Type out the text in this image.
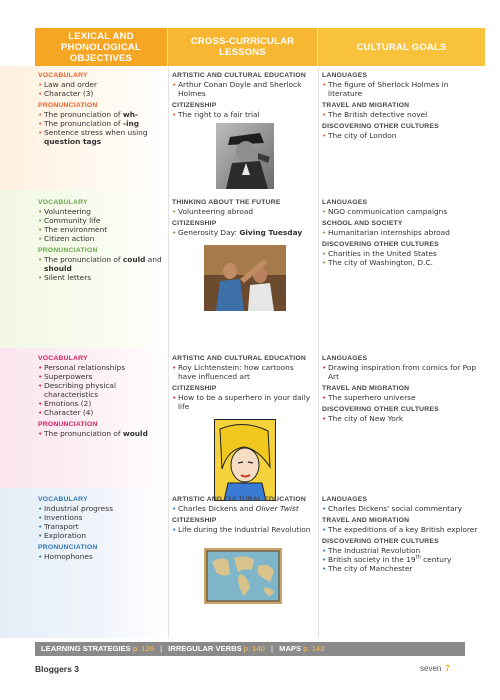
LEXICAL AND PHONOLOGICAL OBJECTIVES
CROSS-CURRICULAR LESSONS	CULTURAL GOALS
VOCABULARY
• Law and order
• Character (3)
PRONUNCIATION
• The pronunciation of wh-
• The pronunciation of -ing
• Sentence stress when using question tags
ARTISTIC AND CULTURAL EDUCATION
• Arthur Conan Doyle and Sherlock Holmes
CITIZENSHIP
• The right to a fair trial
LANGUAGES
• The figure of Sherlock Holmes in literature
TRAVEL AND MIGRATION
• The British detective novel
DISCOVERING OTHER CULTURES
• The city of London
VOCABULARY
• Volunteering
• Community life
• The environment
• Citizen action
PRONUNCIATION
• The pronunciation of could and should
• Silent letters
THINKING ABOUT THE FUTURE
• Volunteering abroad
CITIZENSHIP
• Generosity Day: Giving Tuesday
LANGUAGES
• NGO communication campaigns
SCHOOL AND SOCIETY
• Humanitarian internships abroad
DISCOVERING OTHER CULTURES
• Charities in the United States
• The city of Washington, D.C.
VOCABULARY
• Personal relationships
• Superpowers
• Describing physical characteristics
• Emotions (2)
• Character (4)
PRONUNCIATION
• The pronunciation of would
ARTISTIC AND CULTURAL EDUCATION
• Roy Lichtenstein: how cartoons have influenced art
CITIZENSHIP
• How to be a superhero in your daily life
LANGUAGES
• Drawing inspiration from comics for Pop Art
TRAVEL AND MIGRATION
• The superhero universe
DISCOVERING OTHER CULTURES
• The city of New York
VOCABULARY
• Industrial progress
• Inventions
• Transport
• Exploration
PRONUNCIATION
• Homophones
ARTISTIC AND CULTURAL EDUCATION
• Charles Dickens and Oliver Twist
CITIZENSHIP
• Life during the Industrial Revolution
LANGUAGES
• Charles Dickens' social commentary
TRAVEL AND MIGRATION
• The expeditions of a key British explorer
DISCOVERING OTHER CULTURES
• The Industrial Revolution
• British society in the 19th century
• The city of Manchester
LEARNING STRATEGIES p. 126 | IRREGULAR VERBS p. 140 | MAPS p. 143
Bloggers 3	seven 7
